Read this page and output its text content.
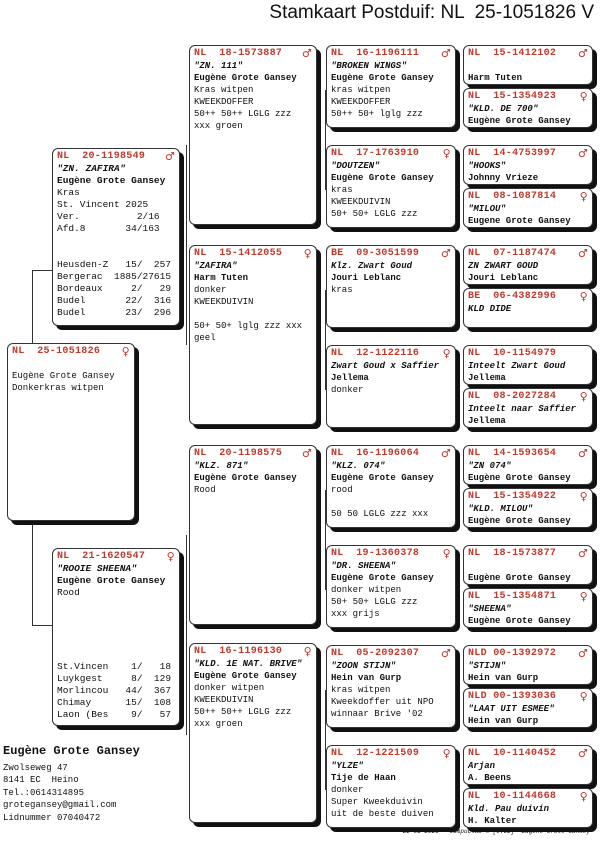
Stamkaart Postduif: NL  25-1051826 V
NL  25-1051826 ♀
Eugène Grote Gansey
Donkerkras witpen
NL  20-1198549 ♂
"ZN. ZAFIRA"
Eugène Grote Gansey
Kras
St. Vincent 2025
Ver.          2/16
Afd.8       34/163
Heusden-Z   15/  257
Bergerac  1885/27615
Bordeaux     2/   29
Budel       22/  316
Budel       23/  296
NL  21-1620547 ♀
"ROOIE SHEENA"
Eugène Grote Gansey
Rood
St.Vincen    1/   18
Luykgest     8/  129
Morlincou   44/  367
Chimay      15/  108
Laon (Bes    9/   57
NL  18-1573887 ♂
"ZN. 111"
Eugène Grote Gansey
Kras witpen
KWEEKDOFFER
50++ 50++ LGLG zzz
xxx groen
NL  15-1412055 ♀
"ZAFIRA"
Harm Tuten
donker
KWEEKDUIVIN
50+ 50+ lglg zzz xxx
geel
NL  20-1198575 ♂
"KLZ. 871"
Eugène Grote Gansey
Rood
NL  16-1196130 ♀
"KLD. 1E NAT. BRIVE"
Eugène Grote Gansey
donker witpen
KWEEKDUIVIN
50++ 50++ LGLG zzz
xxx groen
NL  16-1196111 ♂
"BROKEN WINGS"
Eugène Grote Gansey
kras witpen
KWEEKDOFFER
50++ 50+ lglg zzz
NL  17-1763910 ♀
"DOUTZEN"
Eugène Grote Gansey
kras
KWEEKDUIVIN
50+ 50+ LGLG zzz
BE  09-3051599 ♂
Klz. Zwart Goud
Jouri Leblanc
kras
NL  12-1122116 ♀
Zwart Goud x Saffier
Jellema
donker
NL  16-1196064 ♂
"KLZ. 074"
Eugène Grote Gansey
rood
50 50 LGLG zzz xxx
NL  19-1360378 ♀
"DR. SHEENA"
Eugène Grote Gansey
donker witpen
50+ 50+ LGLG zzz
xxx grijs
NL  05-2092307 ♂
"ZOON STIJN"
Hein van Gurp
kras witpen
Kweekdoffer uit NPO
winnaar Brive '02
NL  12-1221509 ♀
"YLZE"
Tije de Haan
donker
Super Kweekduivin
uit de beste duiven
NL  15-1412102 ♂
Harm Tuten
NL  15-1354923 ♀
"KLD. DE 700"
Eugène Grote Gansey
NL  14-4753997 ♂
"HOOKS"
Johnny Vrieze
NL  08-1087814 ♀
"MILOU"
Eugene Grote Gansey
NL  07-1187474 ♂
ZN ZWART GOUD
Jouri Leblanc
BE  06-4382996 ♀
KLD DIDE
NL  10-1154979
Inteelt Zwart Goud
Jellema
NL  08-2027284 ♀
Inteelt naar Saffier
Jellema
NL  14-1593654 ♂
"ZN 074"
Eugène Grote Gansey
NL  15-1354922 ♀
"KLD. MILOU"
Eugène Grote Gansey
NL  18-1573877 ♂
Eugène Grote Gansey
NL  15-1354871 ♀
"SHEENA"
Eugène Grote Gansey
NLD 00-1392972 ♂
"STIJN"
Hein van Gurp
NLD 00-1393036 ♀
"LAAT UIT ESMEE"
Hein van Gurp
NL  10-1140452 ♂
Arjan
A. Beens
NL  10-1144668 ♀
Kld. Pau duivin
H. Kalter
Eugène Grote Gansey
Zwolseweg 47
8141 EC  Heino
Tel.:0614314895
grotegansey@gmail.com
Lidnummer 07040472
22-01-2026   Compuclub © [9.52]  Eugène Grote Gansey
